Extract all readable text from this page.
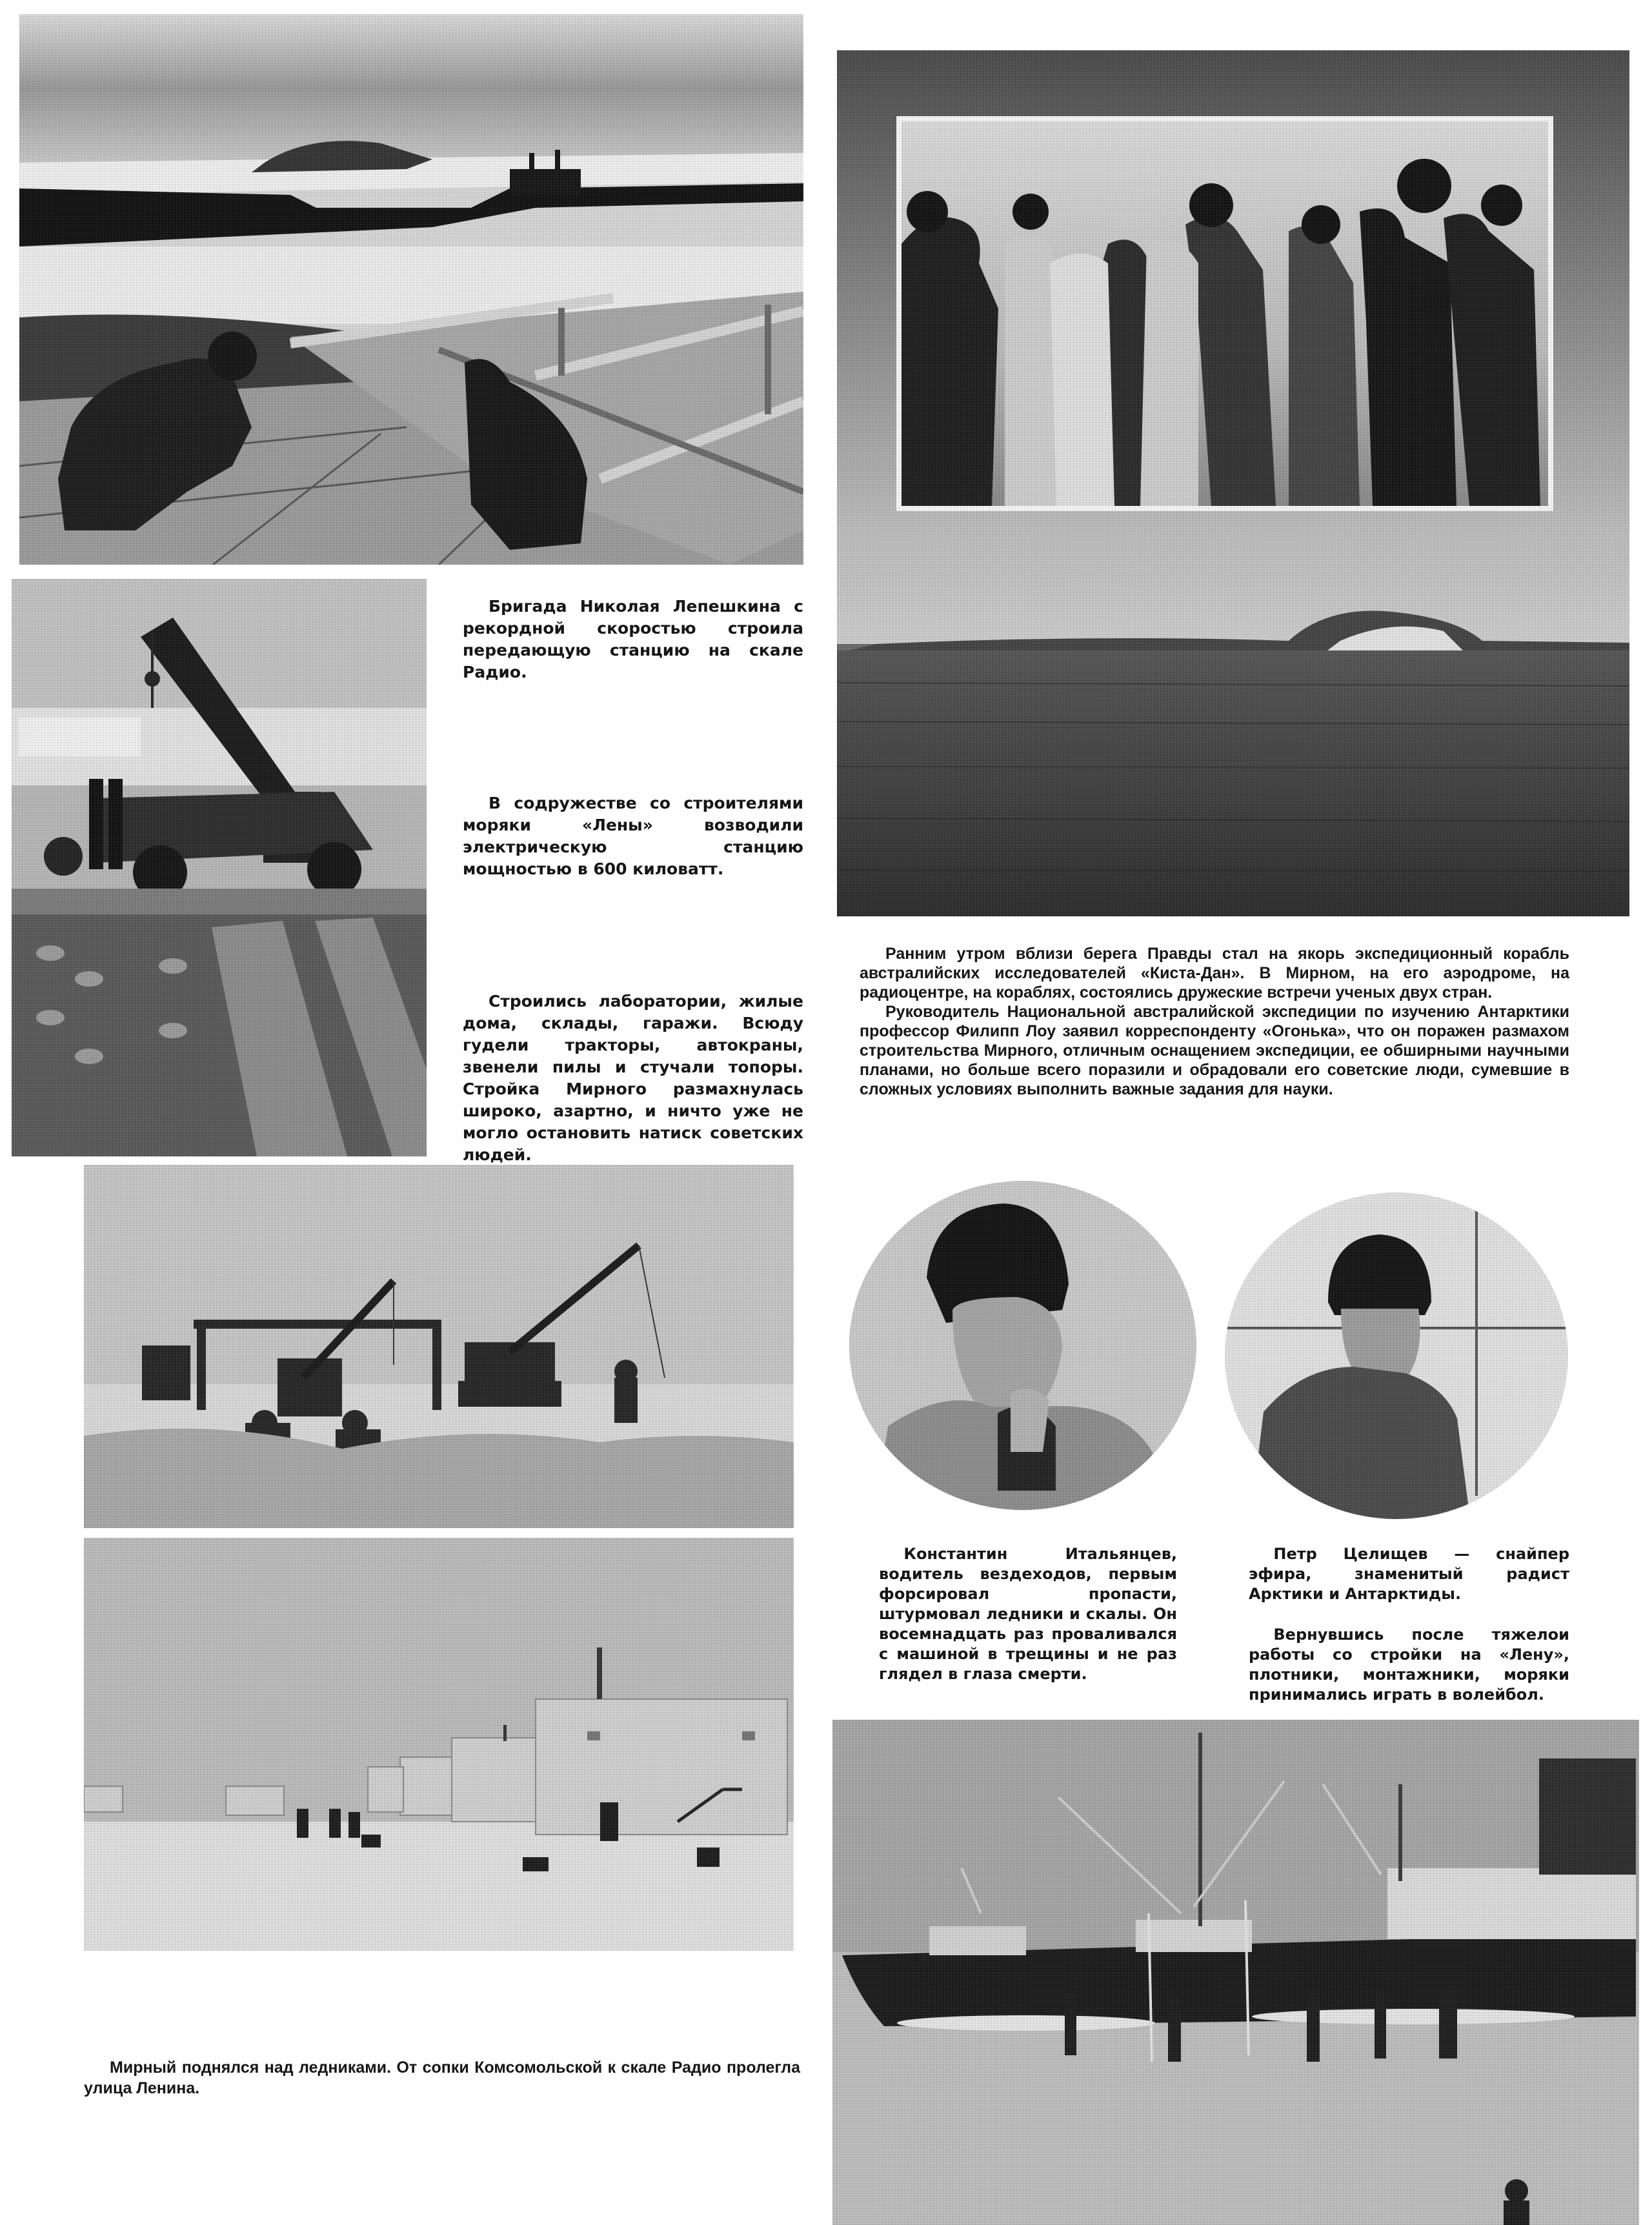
Бригада Николая Лепешкина с рекордной скоростью строила передающую станцию на скале Радио.

В содружестве со строителями моряки «Лены» возводили электрическую станцию мощностью в 600 киловатт.

Строились лаборатории, жилые дома, склады, гаражи. Всюду гудели тракторы, автокраны, звенели пилы и стучали топоры. Стройка Мирного размахнулась широко, азартно, и ничто уже не могло остановить натиск советских людей.

Ранним утром вблизи берега Правды стал на якорь экспедиционный корабль австралийских исследователей «Киста-Дан». В Мирном, на его аэродроме, на радиоцентре, на кораблях, состоялись дружеские встречи ученых двух стран.

Руководитель Национальной австралийской экспедиции по изучению Антарктики профессор Филипп Лоу заявил корреспонденту «Огонька», что он поражен размахом строительства Мирного, отличным оснащением экспедиции, ее обширными научными планами, но больше всего поразили и обрадовали его советские люди, сумевшие в сложных условиях выполнить важные задания для науки.

Константин Итальянцев, водитель вездеходов, первым форсировал пропасти, штурмовал ледники и скалы. Он восемнадцать раз проваливался с машиной в трещины и не раз глядел в глаза смерти.

Петр Целищев — снайпер эфира, знаменитый радист Арктики и Антарктиды.

Вернувшись после тяжелои работы со стройки на «Лену», плотники, монтажники, моряки принимались играть в волейбол.

Мирный поднялся над ледниками. От сопки Комсомольской к скале Радио пролегла улица Ленина.
